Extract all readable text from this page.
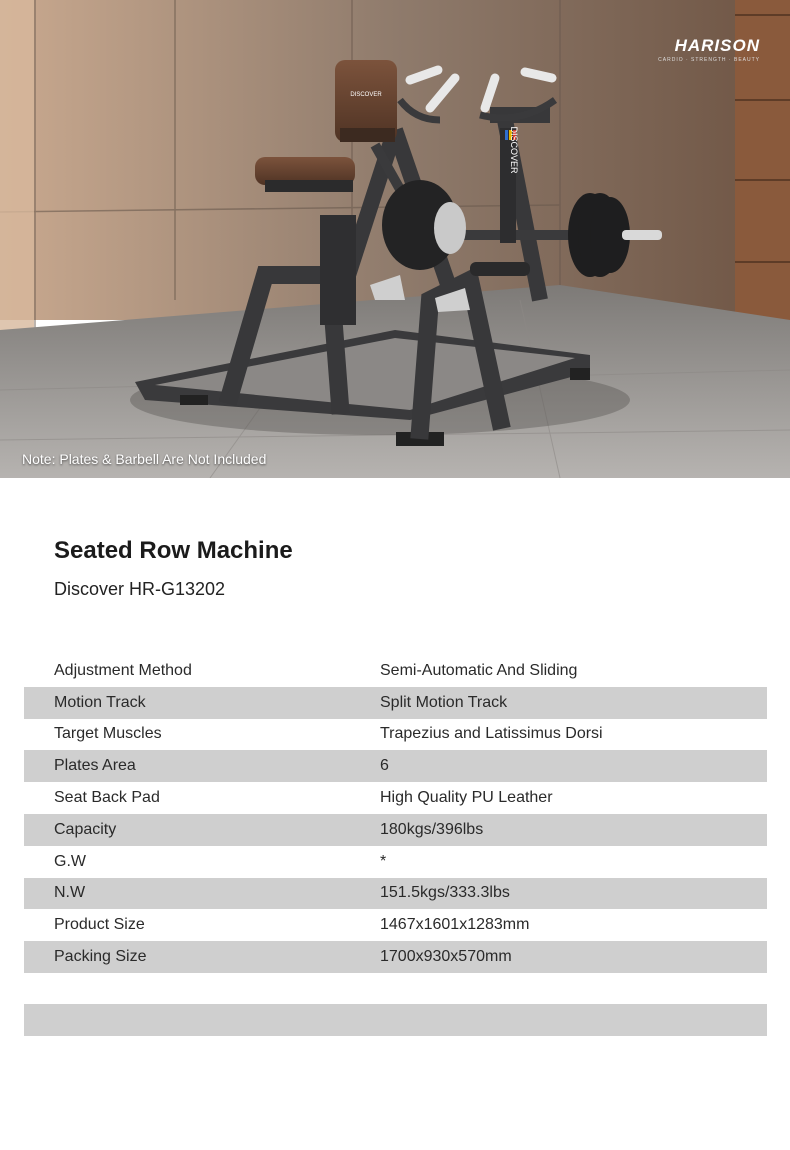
DISCOVER
DISCOVER
HARISON
CARDIO · STRENGTH · BEAUTY
Note: Plates & Barbell Are Not Included
Seated Row Machine
Discover HR-G13202
Adjustment Method	Semi-Automatic And Sliding
Motion Track	Split Motion Track
Target Muscles	Trapezius and Latissimus Dorsi
Plates Area	6
Seat Back Pad	High Quality PU Leather
Capacity	180kgs/396lbs
G.W	*
N.W	151.5kgs/333.3lbs
Product Size	1467x1601x1283mm
Packing Size	1700x930x570mm
